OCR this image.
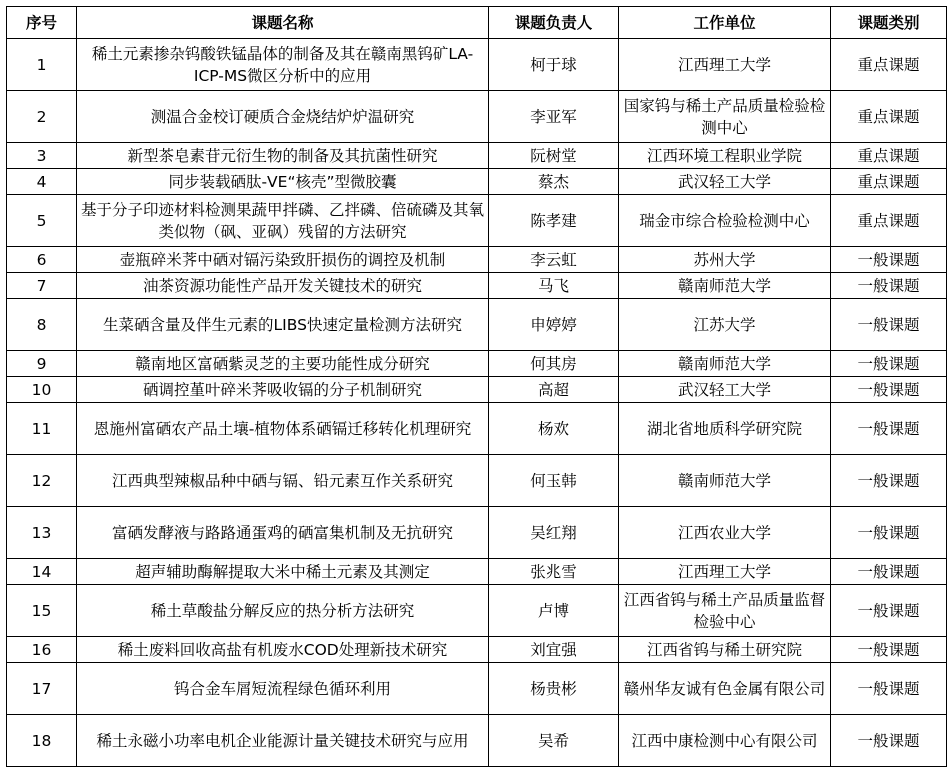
序号	课题名称	课题负责人	工作单位	课题类别
1	稀土元素掺杂钨酸铁锰晶体的制备及其在赣南黑钨矿LA-ICP-MS微区分析中的应用	柯于球	江西理工大学	重点课题
2	测温合金校订硬质合金烧结炉炉温研究	李亚军	国家钨与稀土产品质量检验检测中心	重点课题
3	新型茶皂素苷元衍生物的制备及其抗菌性研究	阮树堂	江西环境工程职业学院	重点课题
4	同步装载硒肽-VE“核壳”型微胶囊	蔡杰	武汉轻工大学	重点课题
5	基于分子印迹材料检测果蔬甲拌磷、乙拌磷、倍硫磷及其氧类似物（砜、亚砜）残留的方法研究	陈孝建	瑞金市综合检验检测中心	重点课题
6	壶瓶碎米荠中硒对镉污染致肝损伤的调控及机制	李云虹	苏州大学	一般课题
7	油茶资源功能性产品开发关键技术的研究	马飞	赣南师范大学	一般课题
8	生菜硒含量及伴生元素的LIBS快速定量检测方法研究	申婷婷	江苏大学	一般课题
9	赣南地区富硒紫灵芝的主要功能性成分研究	何其房	赣南师范大学	一般课题
10	硒调控堇叶碎米荠吸收镉的分子机制研究	高超	武汉轻工大学	一般课题
11	恩施州富硒农产品土壤-植物体系硒镉迁移转化机理研究	杨欢	湖北省地质科学研究院	一般课题
12	江西典型辣椒品种中硒与镉、铅元素互作关系研究	何玉韩	赣南师范大学	一般课题
13	富硒发酵液与路路通蛋鸡的硒富集机制及无抗研究	吴红翔	江西农业大学	一般课题
14	超声辅助酶解提取大米中稀土元素及其测定	张兆雪	江西理工大学	一般课题
15	稀土草酸盐分解反应的热分析方法研究	卢博	江西省钨与稀土产品质量监督检验中心	一般课题
16	稀土废料回收高盐有机废水COD处理新技术研究	刘宜强	江西省钨与稀土研究院	一般课题
17	钨合金车屑短流程绿色循环利用	杨贵彬	赣州华友诚有色金属有限公司	一般课题
18	稀土永磁小功率电机企业能源计量关键技术研究与应用	吴希	江西中康检测中心有限公司	一般课题
